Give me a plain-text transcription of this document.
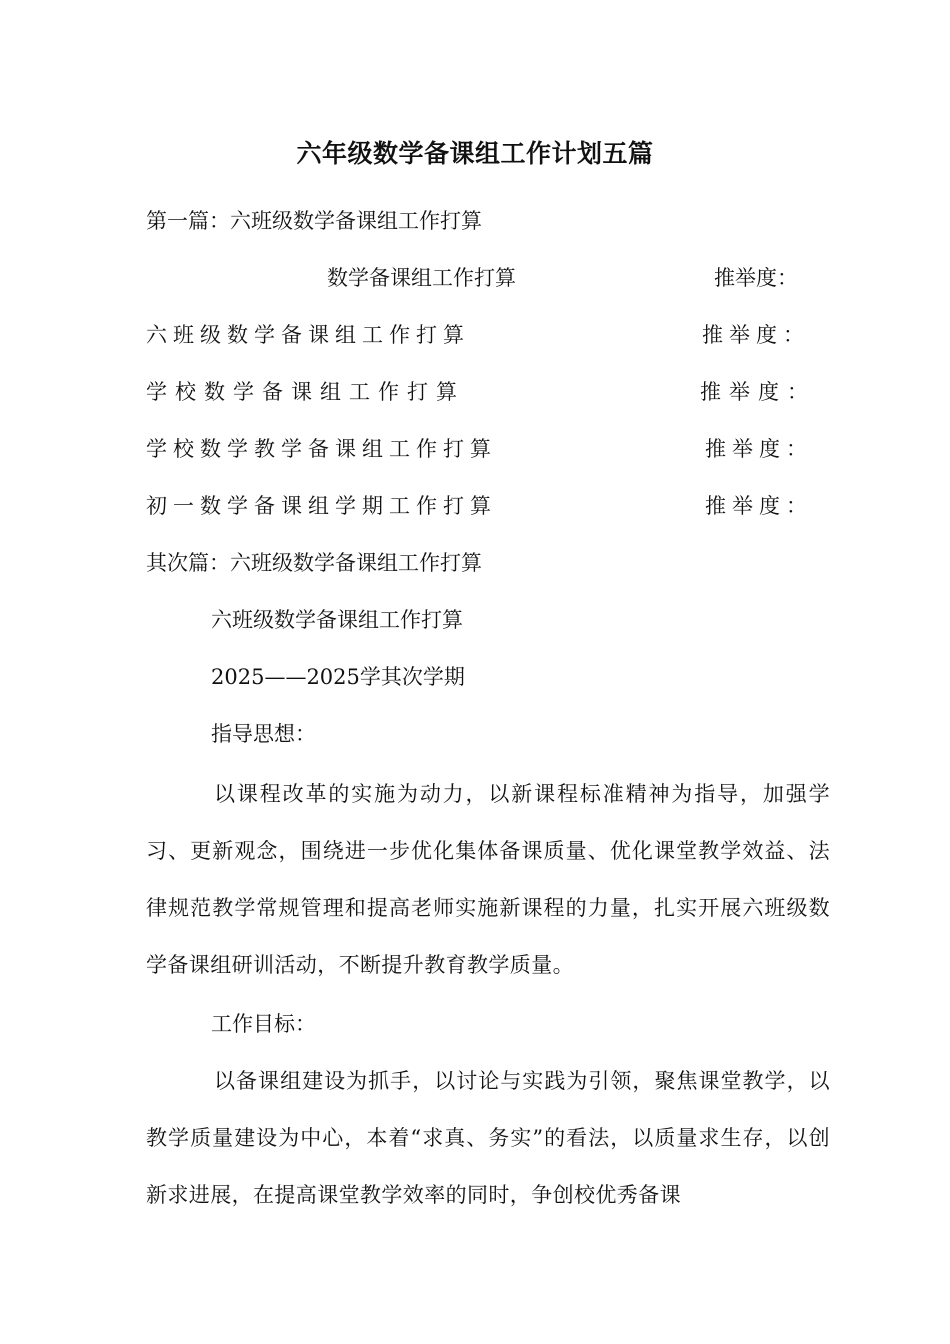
六年级数学备课组工作计划五篇
第一篇：六班级数学备课组工作打算
数学备课组工作打算	推举度：
六班级数学备课组工作打算	推举度：
学校数学备课组工作打算	推举度：
学校数学教学备课组工作打算	推举度：
初一数学备课组学期工作打算	推举度：
其次篇：六班级数学备课组工作打算
六班级数学备课组工作打算
2025——2025学其次学期
指导思想：
以课程改革的实施为动力，以新课程标准精神为指导，加强学习、更新观念，围绕进一步优化集体备课质量、优化课堂教学效益、法律规范教学常规管理和提高老师实施新课程的力量，扎实开展六班级数学备课组研训活动，不断提升教育教学质量。
工作目标：
以备课组建设为抓手，以讨论与实践为引领，聚焦课堂教学，以教学质量建设为中心，本着“求真、务实”的看法，以质量求生存，以创新求进展，在提高课堂教学效率的同时，争创校优秀备课
